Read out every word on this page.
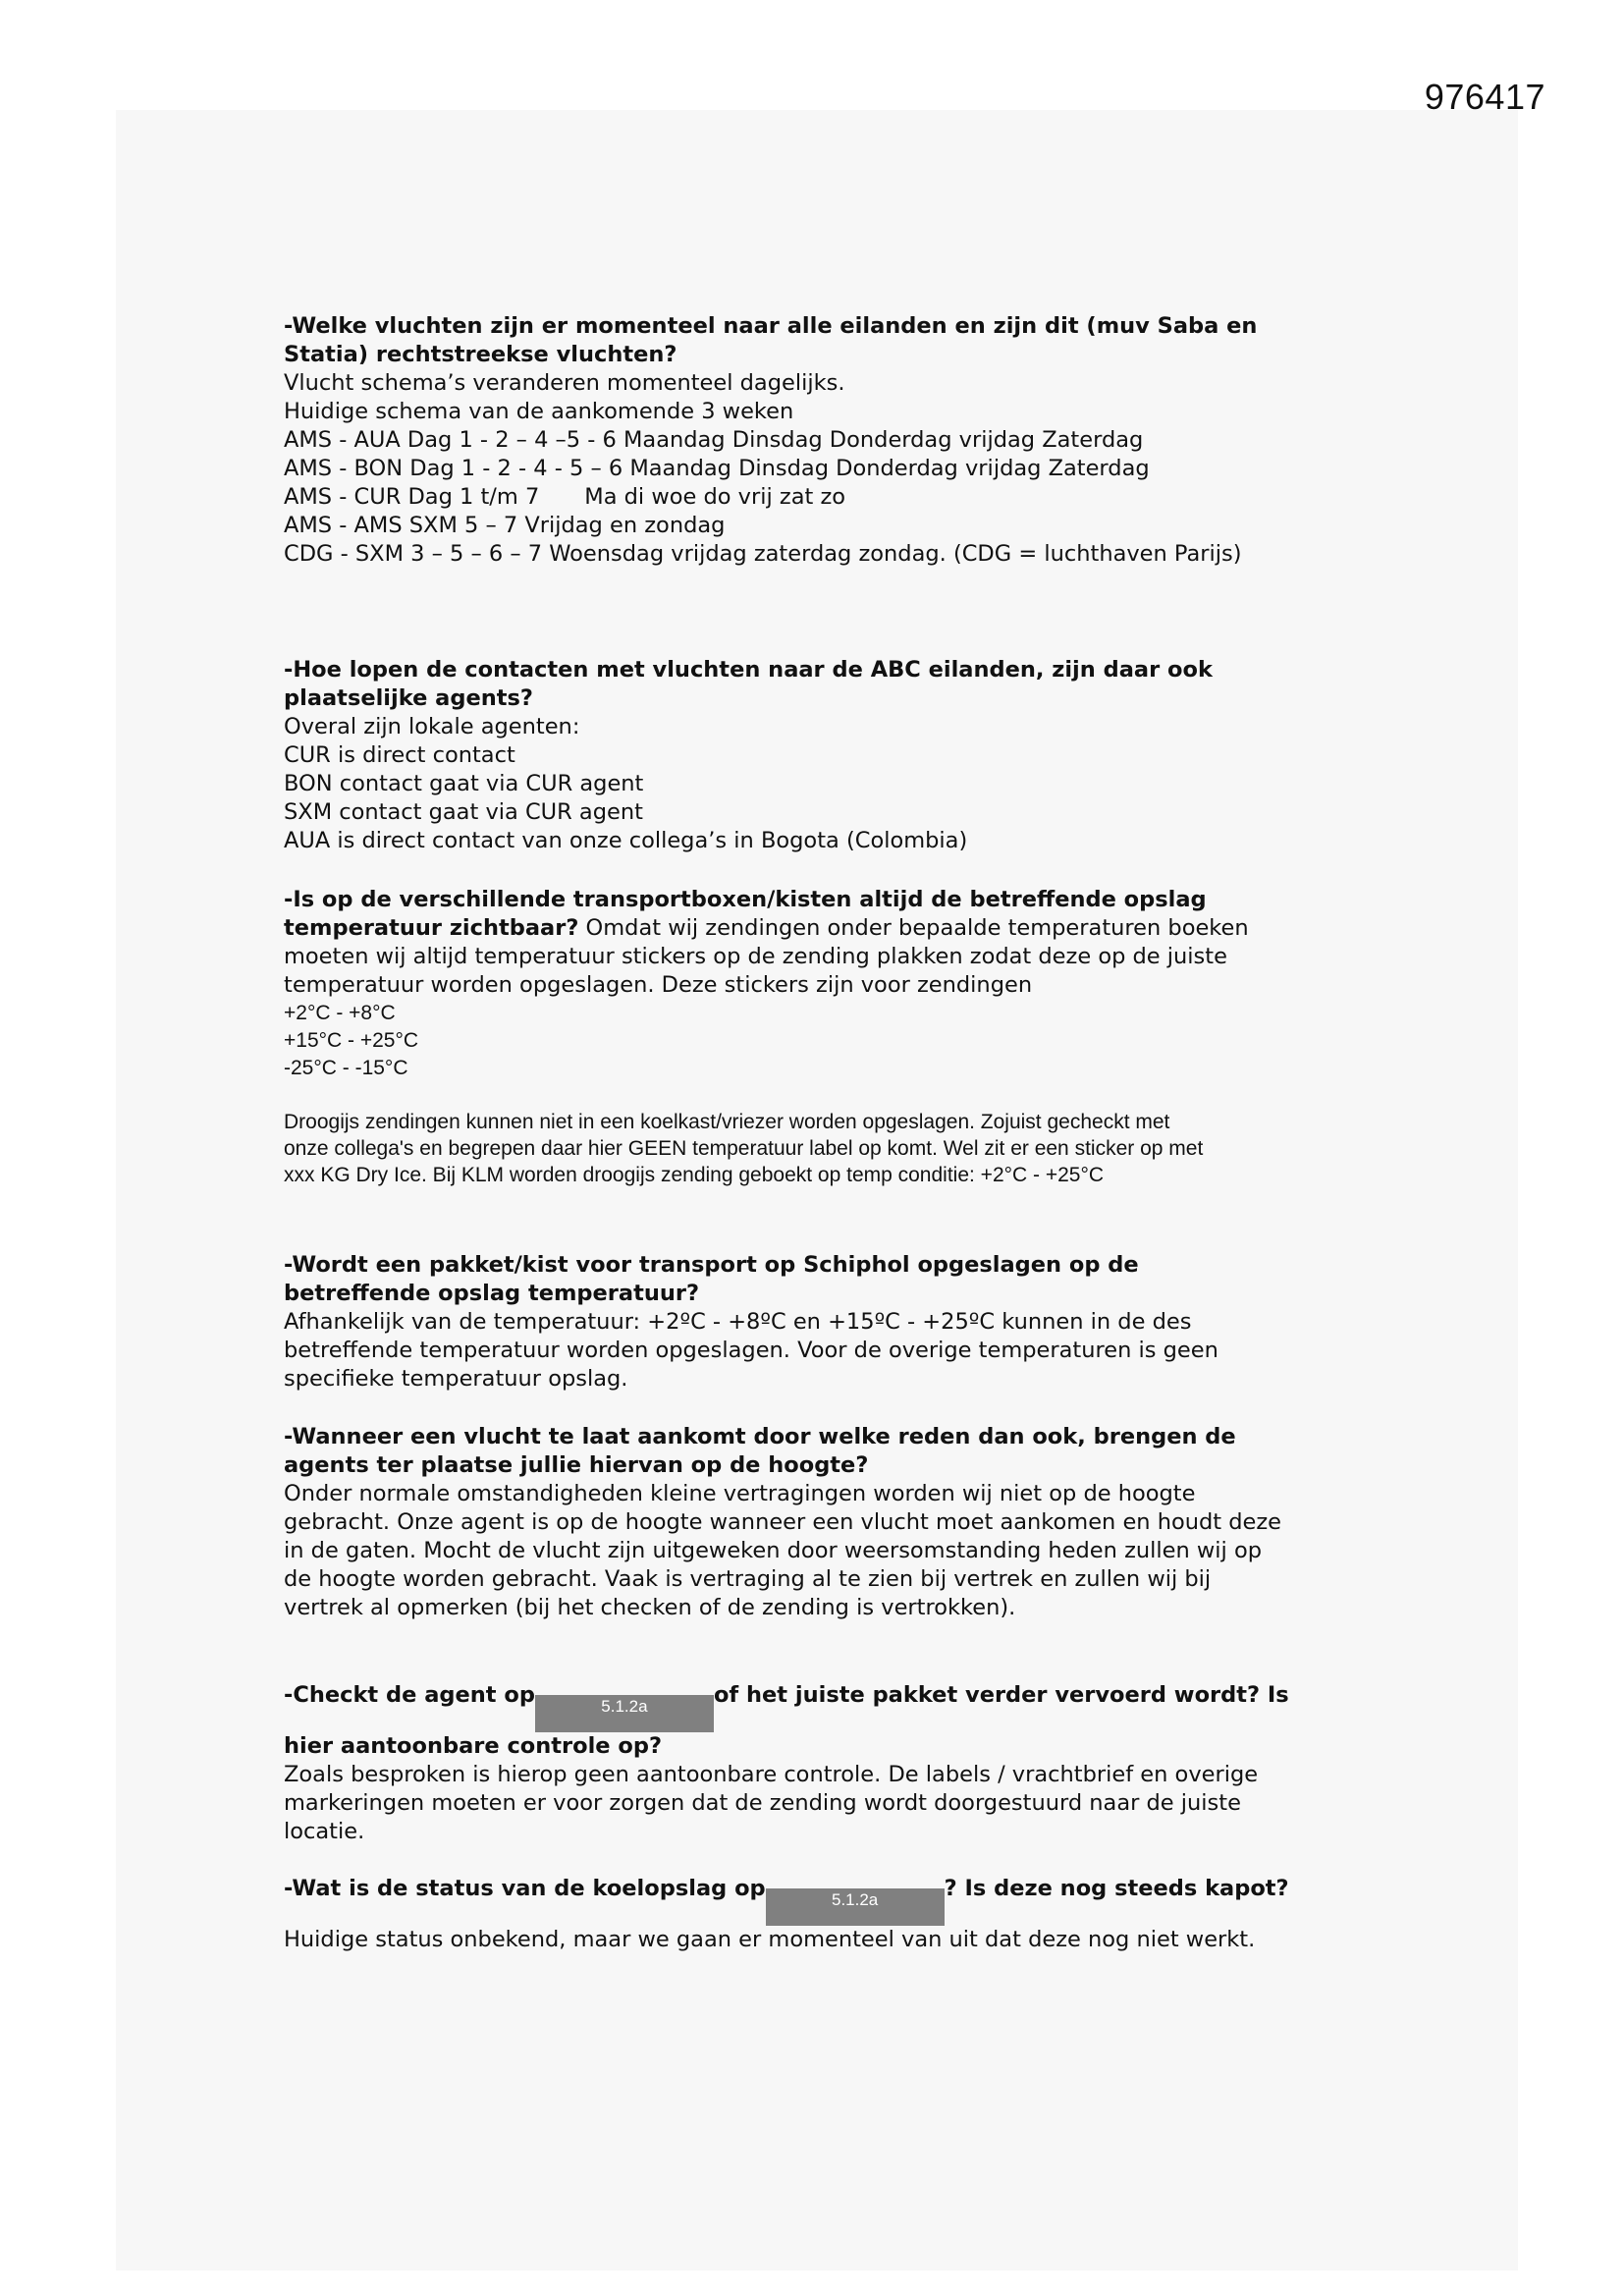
976417

-Welke vluchten zijn er momenteel naar alle eilanden en zijn dit (muv Saba en

Statia) rechtstreekse vluchten?

Vlucht schema’s veranderen momenteel dagelijks.

Huidige schema van de aankomende 3 weken

AMS - AUA Dag 1 - 2 – 4 –5 - 6 Maandag Dinsdag Donderdag vrijdag Zaterdag

AMS - BON Dag 1 - 2 - 4 - 5 – 6 Maandag Dinsdag Donderdag vrijdag Zaterdag

AMS - CUR Dag 1 t/m 7 Ma di woe do vrij zat zo

AMS - AMS SXM 5 – 7 Vrijdag en zondag

CDG - SXM 3 – 5 – 6 – 7 Woensdag vrijdag zaterdag zondag. (CDG = luchthaven Parijs)

-Hoe lopen de contacten met vluchten naar de ABC eilanden, zijn daar ook

plaatselijke agents?

Overal zijn lokale agenten:

CUR is direct contact

BON contact gaat via CUR agent

SXM contact gaat via CUR agent

AUA is direct contact van onze collega’s in Bogota (Colombia)

-Is op de verschillende transportboxen/kisten altijd de betreffende opslag

temperatuur zichtbaar? Omdat wij zendingen onder bepaalde temperaturen boeken

moeten wij altijd temperatuur stickers op de zending plakken zodat deze op de juiste

temperatuur worden opgeslagen. Deze stickers zijn voor zendingen

+2°C - +8°C

+15°C - +25°C

-25°C - -15°C

Droogijs zendingen kunnen niet in een koelkast/vriezer worden opgeslagen. Zojuist gecheckt met

onze collega's en begrepen daar hier GEEN temperatuur label op komt. Wel zit er een sticker op met

xxx KG Dry Ice. Bij KLM worden droogijs zending geboekt op temp conditie: +2°C - +25°C

-Wordt een pakket/kist voor transport op Schiphol opgeslagen op de

betreffende opslag temperatuur?

Afhankelijk van de temperatuur: +2ºC - +8ºC en +15ºC - +25ºC kunnen in de des

betreffende temperatuur worden opgeslagen. Voor de overige temperaturen is geen

specifieke temperatuur opslag.

-Wanneer een vlucht te laat aankomt door welke reden dan ook, brengen de

agents ter plaatse jullie hiervan op de hoogte?

Onder normale omstandigheden kleine vertragingen worden wij niet op de hoogte

gebracht. Onze agent is op de hoogte wanneer een vlucht moet aankomen en houdt deze

in de gaten. Mocht de vlucht zijn uitgeweken door weersomstanding heden zullen wij op

de hoogte worden gebracht. Vaak is vertraging al te zien bij vertrek en zullen wij bij

vertrek al opmerken (bij het checken of de zending is vertrokken).

-Checkt de agent op	5.1.2a	of het juiste pakket verder vervoerd wordt? Is

hier aantoonbare controle op?

Zoals besproken is hierop geen aantoonbare controle. De labels / vrachtbrief en overige

markeringen moeten er voor zorgen dat de zending wordt doorgestuurd naar de juiste

locatie.

-Wat is de status van de koelopslag op	5.1.2a	? Is deze nog steeds kapot?

Huidige status onbekend, maar we gaan er momenteel van uit dat deze nog niet werkt.
